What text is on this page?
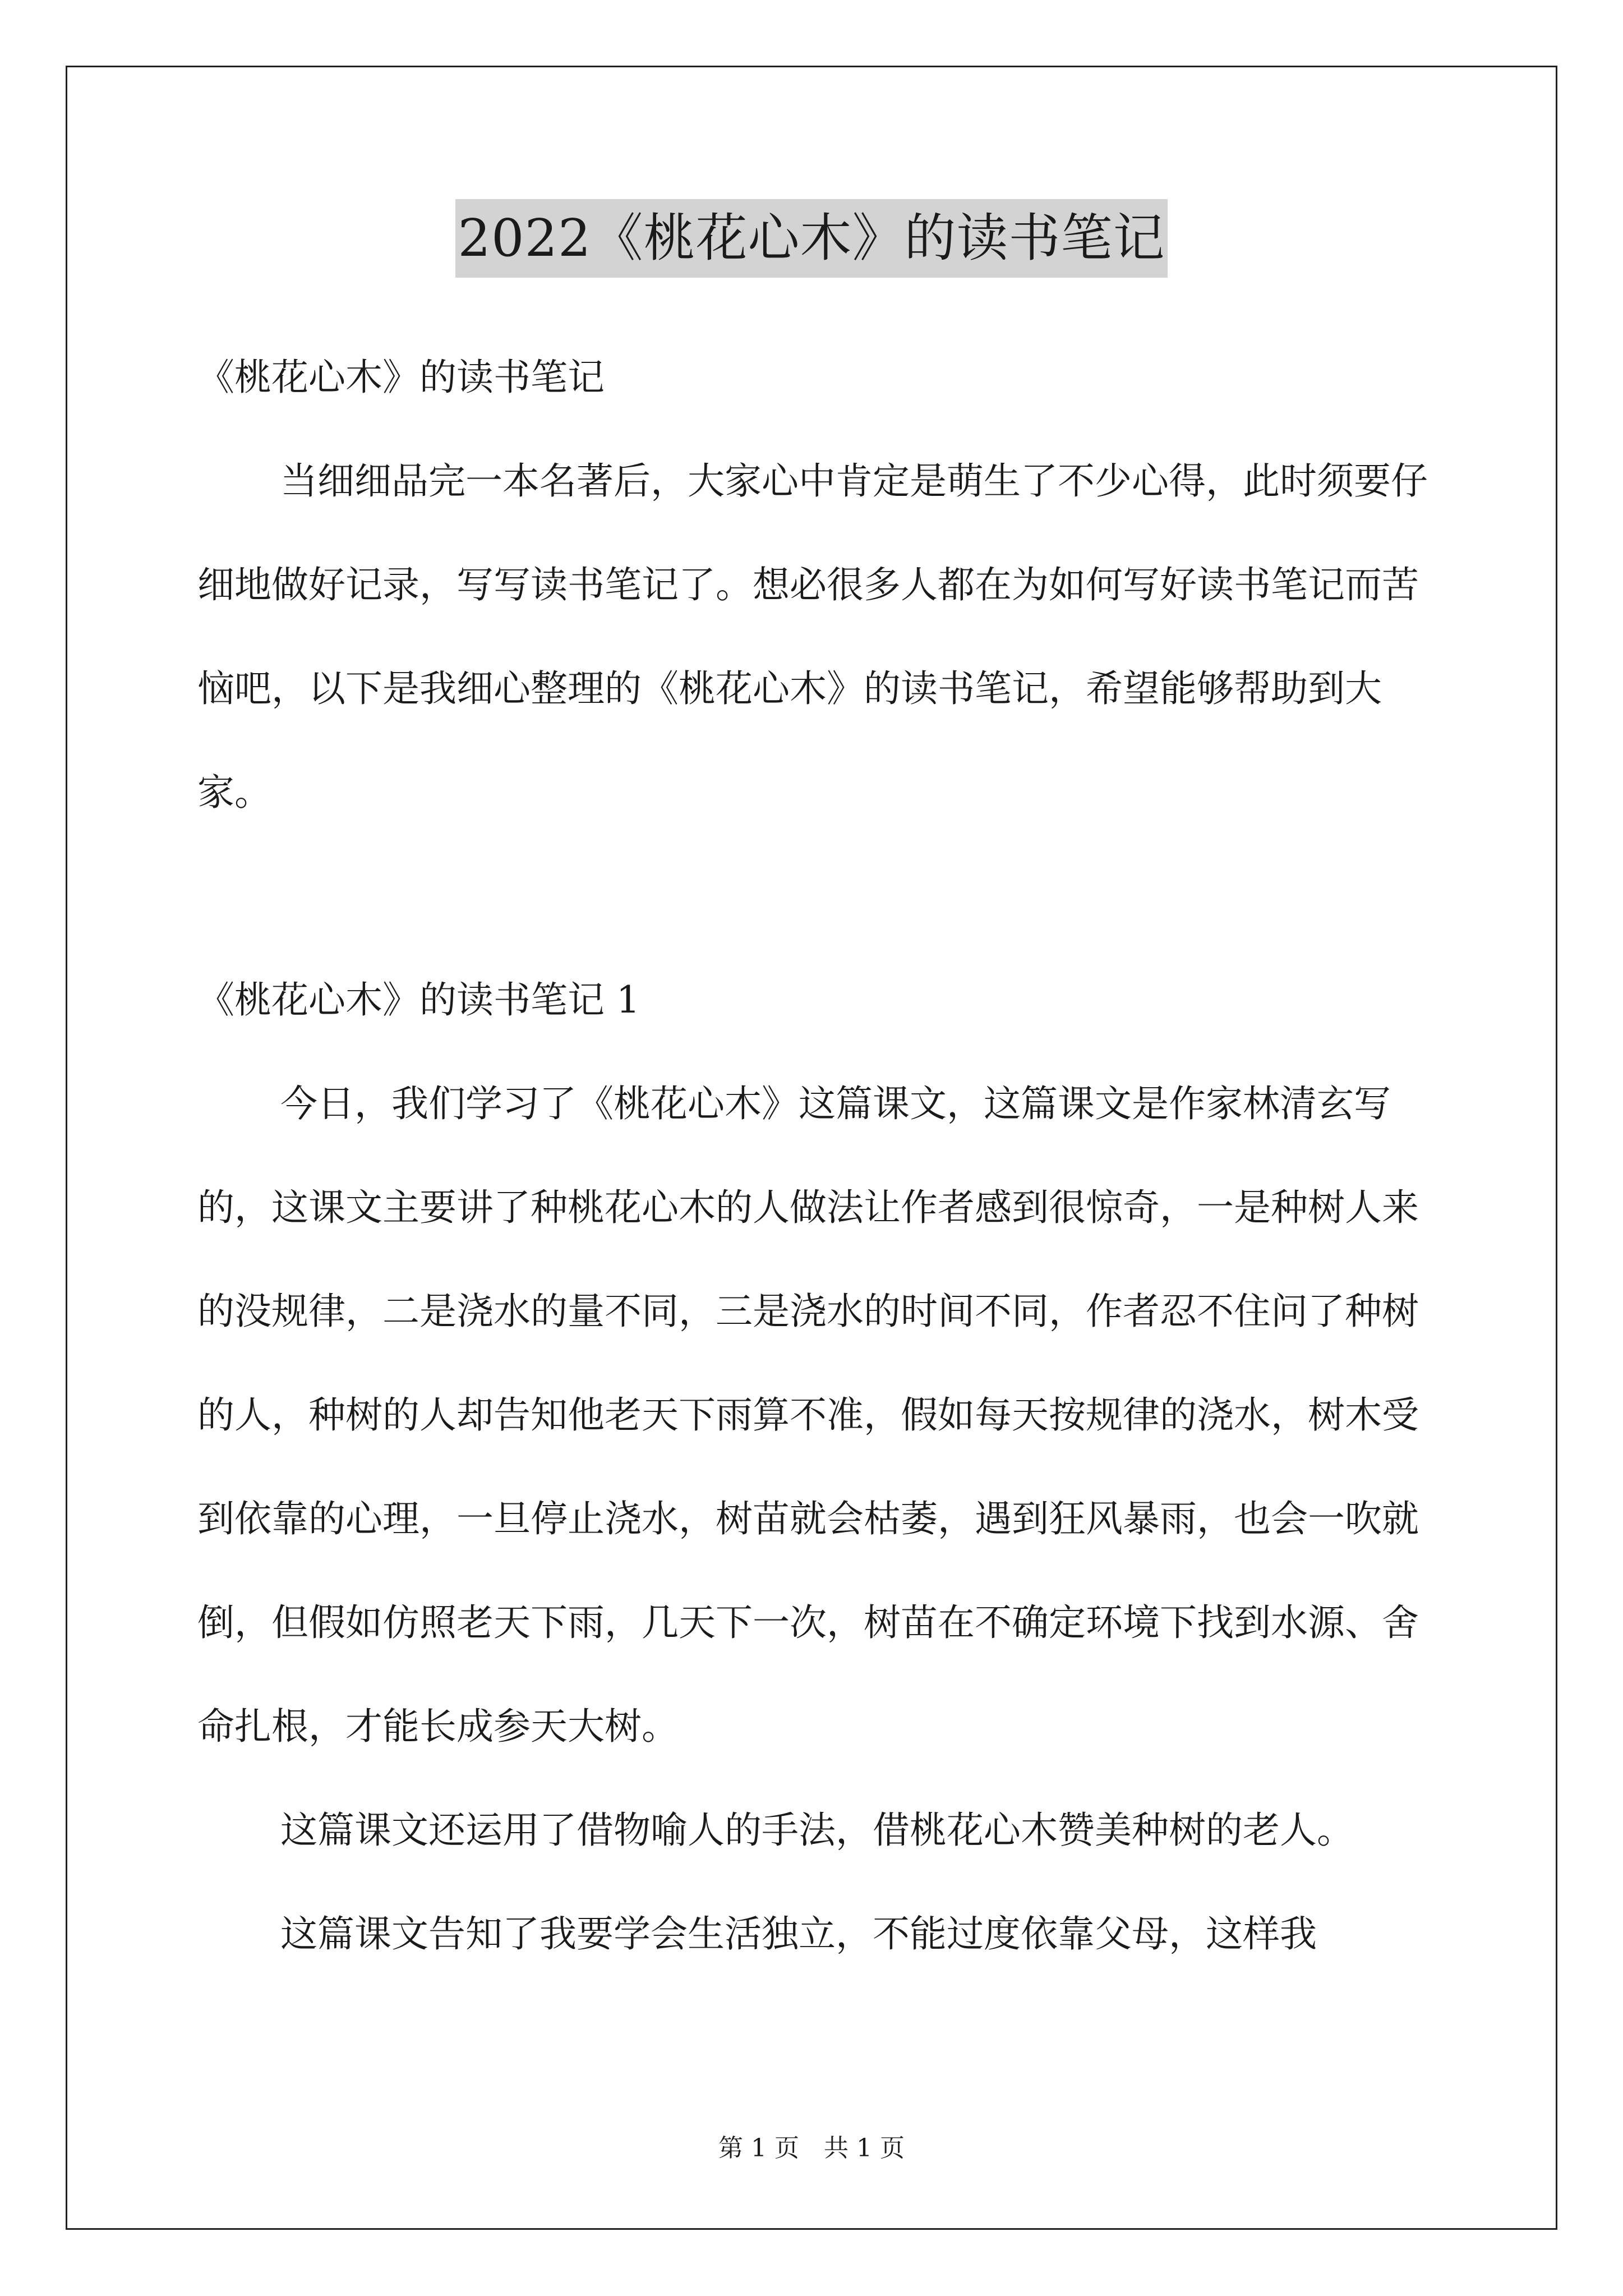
2022《桃花心木》的读书笔记

《桃花心木》的读书笔记

当细细品完一本名著后，大家心中肯定是萌生了不少心得，此时须要仔细地做好记录，写写读书笔记了。想必很多人都在为如何写好读书笔记而苦恼吧，以下是我细心整理的《桃花心木》的读书笔记，希望能够帮助到大家。

《桃花心木》的读书笔记 1

今日，我们学习了《桃花心木》这篇课文，这篇课文是作家林清玄写的，这课文主要讲了种桃花心木的人做法让作者感到很惊奇，一是种树人来的没规律，二是浇水的量不同，三是浇水的时间不同，作者忍不住问了种树的人，种树的人却告知他老天下雨算不准，假如每天按规律的浇水，树木受到依靠的心理，一旦停止浇水，树苗就会枯萎，遇到狂风暴雨，也会一吹就倒，但假如仿照老天下雨，几天下一次，树苗在不确定环境下找到水源、舍命扎根，才能长成参天大树。

这篇课文还运用了借物喻人的手法，借桃花心木赞美种树的老人。

这篇课文告知了我要学会生活独立，不能过度依靠父母，这样我

第 1 页　共 1 页
